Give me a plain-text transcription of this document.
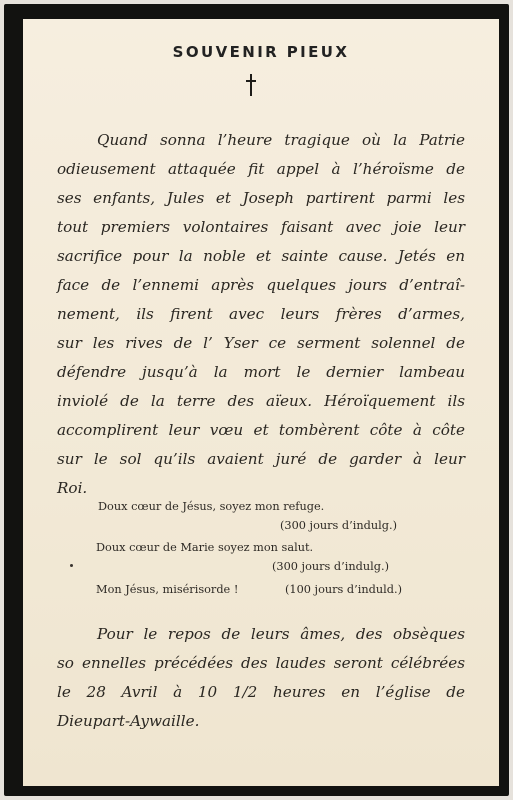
SOUVENIR PIEUX
Quand sonna l’heure tragique où la Patrie
odieusement attaquée fit appel à l’héroïsme de
ses enfants, Jules et Joseph partirent parmi les
tout premiers volontaires faisant avec joie leur
sacrifice pour la noble et sainte cause. Jetés en
face de l’ennemi après quelques jours d’entraî-
nement, ils firent avec leurs frères d’armes,
sur les rives de l’ Yser ce serment solennel de
défendre jusqu’à la mort le dernier lambeau
inviolé de la terre des aïeux. Héroïquement ils
accomplirent leur vœu et tombèrent côte à côte
sur le sol qu’ils avaient juré de garder à leur
Roi.
Doux cœur de Jésus, soyez mon refuge.
(300 jours d’indulg.)
Doux cœur de Marie soyez mon salut.
(300 jours d’indulg.)
Mon Jésus, misérisorde !	(100 jours d’induld.)
Pour le repos de leurs âmes, des obsèques
so ennelles précédées des laudes seront célébrées
le 28 Avril à 10 1/2 heures en l’église de
Dieupart-Aywaille.
